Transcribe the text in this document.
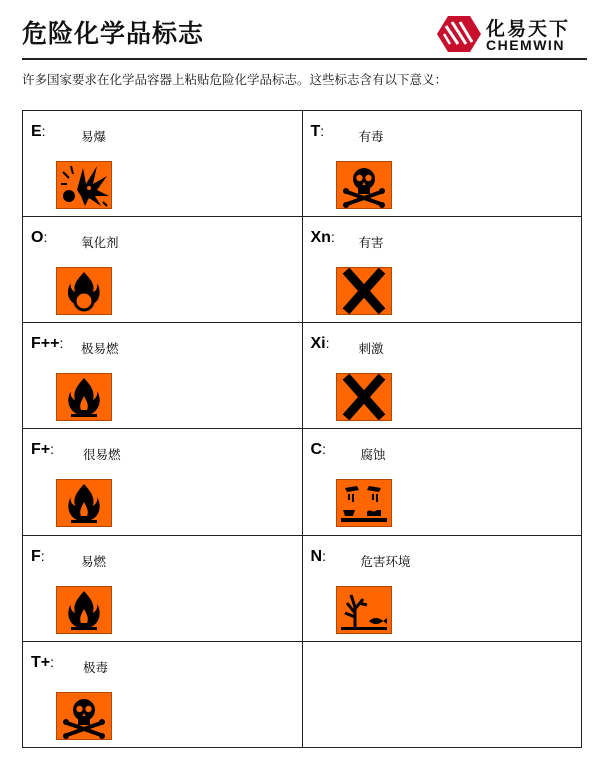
危险化学品标志	化易天下
CHEMWIN
许多国家要求在化学品容器上粘贴危险化学品标志。这些标志含有以下意义：
E: 易爆	T: 有毒

O: 氧化剂	Xn: 有害

F++: 极易燃	Xi: 刺激

F+: 很易燃	C: 腐蚀

F: 易燃	N: 危害环境

T+: 极毒	
